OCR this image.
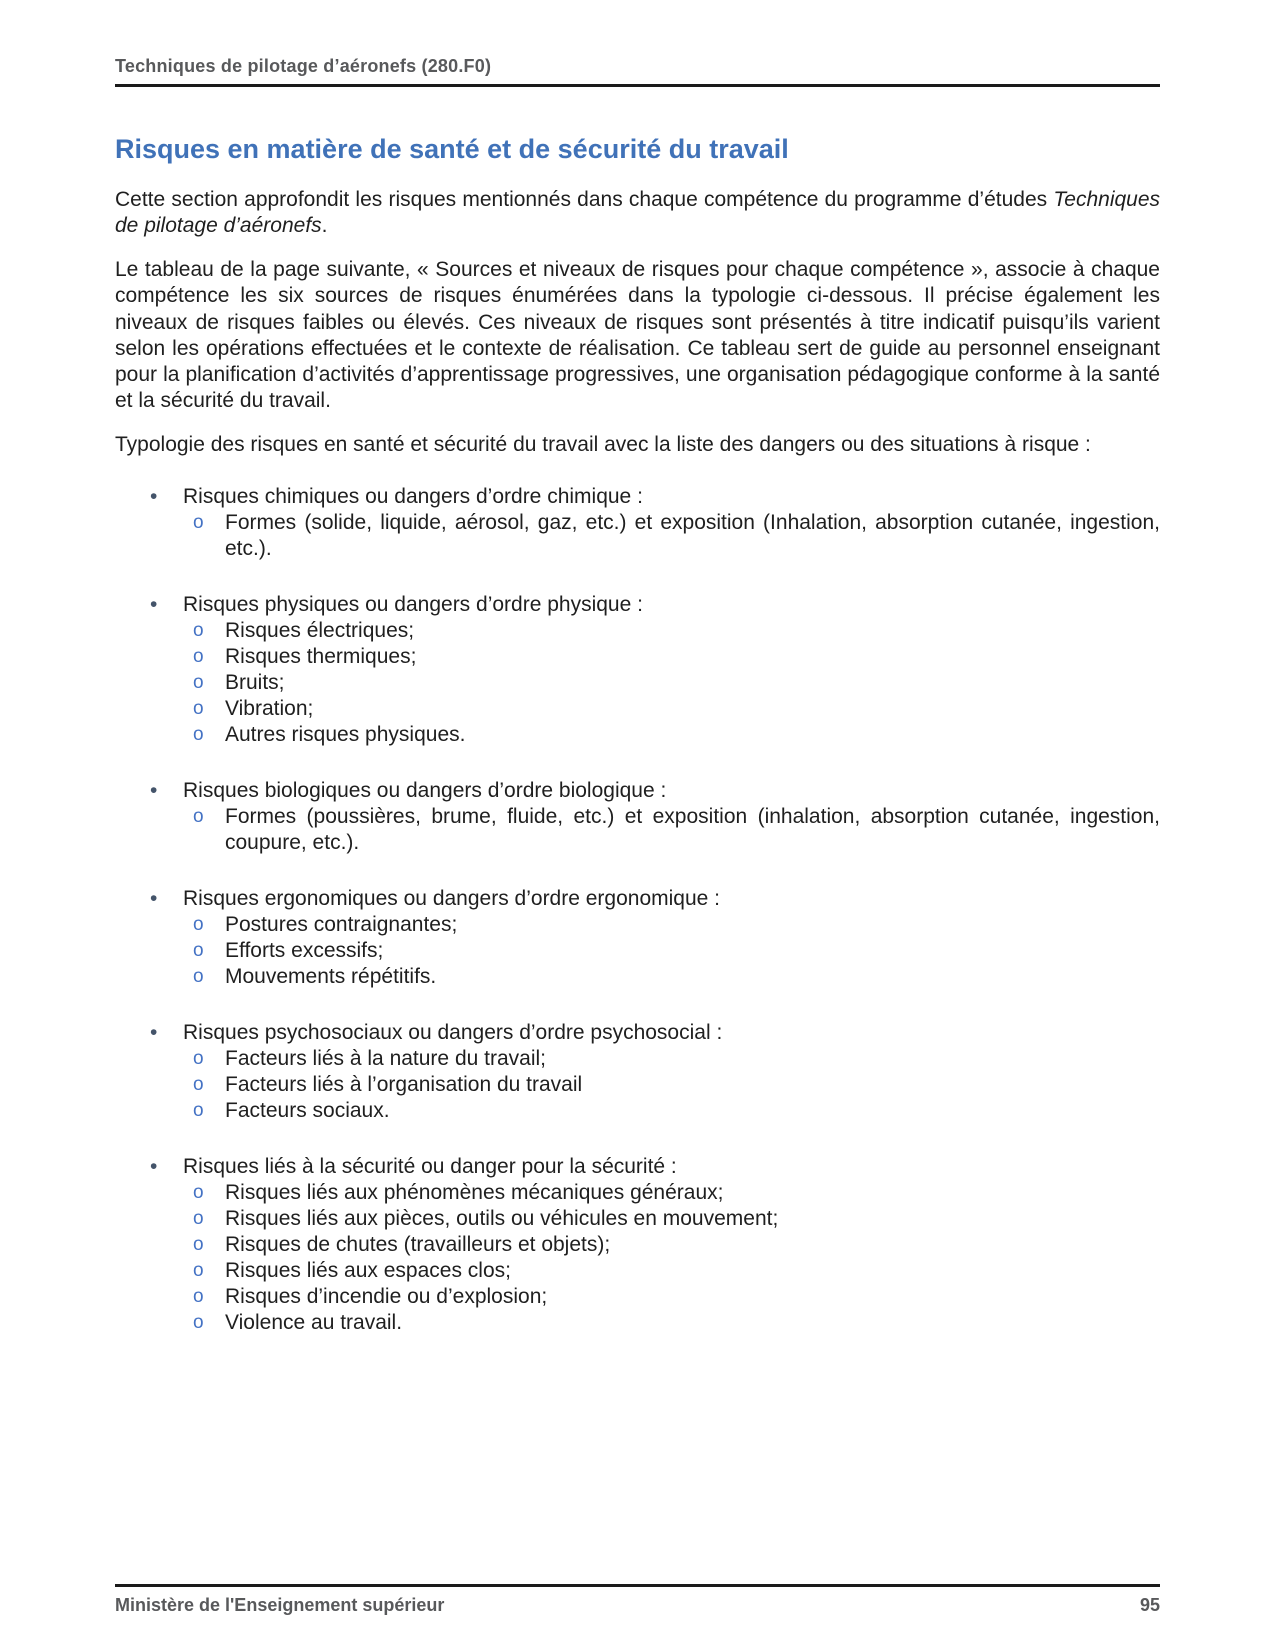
Techniques de pilotage d’aéronefs (280.F0)
Risques en matière de santé et de sécurité du travail

Cette section approfondit les risques mentionnés dans chaque compétence du programme d’études Techniques de pilotage d’aéronefs.

Le tableau de la page suivante, « Sources et niveaux de risques pour chaque compétence », associe à chaque compétence les six sources de risques énumérées dans la typologie ci-dessous. Il précise également les niveaux de risques faibles ou élevés. Ces niveaux de risques sont présentés à titre indicatif puisqu’ils varient selon les opérations effectuées et le contexte de réalisation. Ce tableau sert de guide au personnel enseignant pour la planification d’activités d’apprentissage progressives, une organisation pédagogique conforme à la santé et la sécurité du travail.

Typologie des risques en santé et sécurité du travail avec la liste des dangers ou des situations à risque :

•	Risques chimiques ou dangers d’ordre chimique :
o	Formes (solide, liquide, aérosol, gaz, etc.) et exposition (Inhalation, absorption cutanée, ingestion, etc.).
•	Risques physiques ou dangers d’ordre physique :
o	Risques électriques;
o	Risques thermiques;
o	Bruits;
o	Vibration;
o	Autres risques physiques.
•	Risques biologiques ou dangers d’ordre biologique :
o	Formes (poussières, brume, fluide, etc.) et exposition (inhalation, absorption cutanée, ingestion, coupure, etc.).
•	Risques ergonomiques ou dangers d’ordre ergonomique :
o	Postures contraignantes;
o	Efforts excessifs;
o	Mouvements répétitifs.
•	Risques psychosociaux ou dangers d’ordre psychosocial :
o	Facteurs liés à la nature du travail;
o	Facteurs liés à l’organisation du travail
o	Facteurs sociaux.
•	Risques liés à la sécurité ou danger pour la sécurité :
o	Risques liés aux phénomènes mécaniques généraux;
o	Risques liés aux pièces, outils ou véhicules en mouvement;
o	Risques de chutes (travailleurs et objets);
o	Risques liés aux espaces clos;
o	Risques d’incendie ou d’explosion;
o	Violence au travail.
Ministère de l'Enseignement supérieur	95
